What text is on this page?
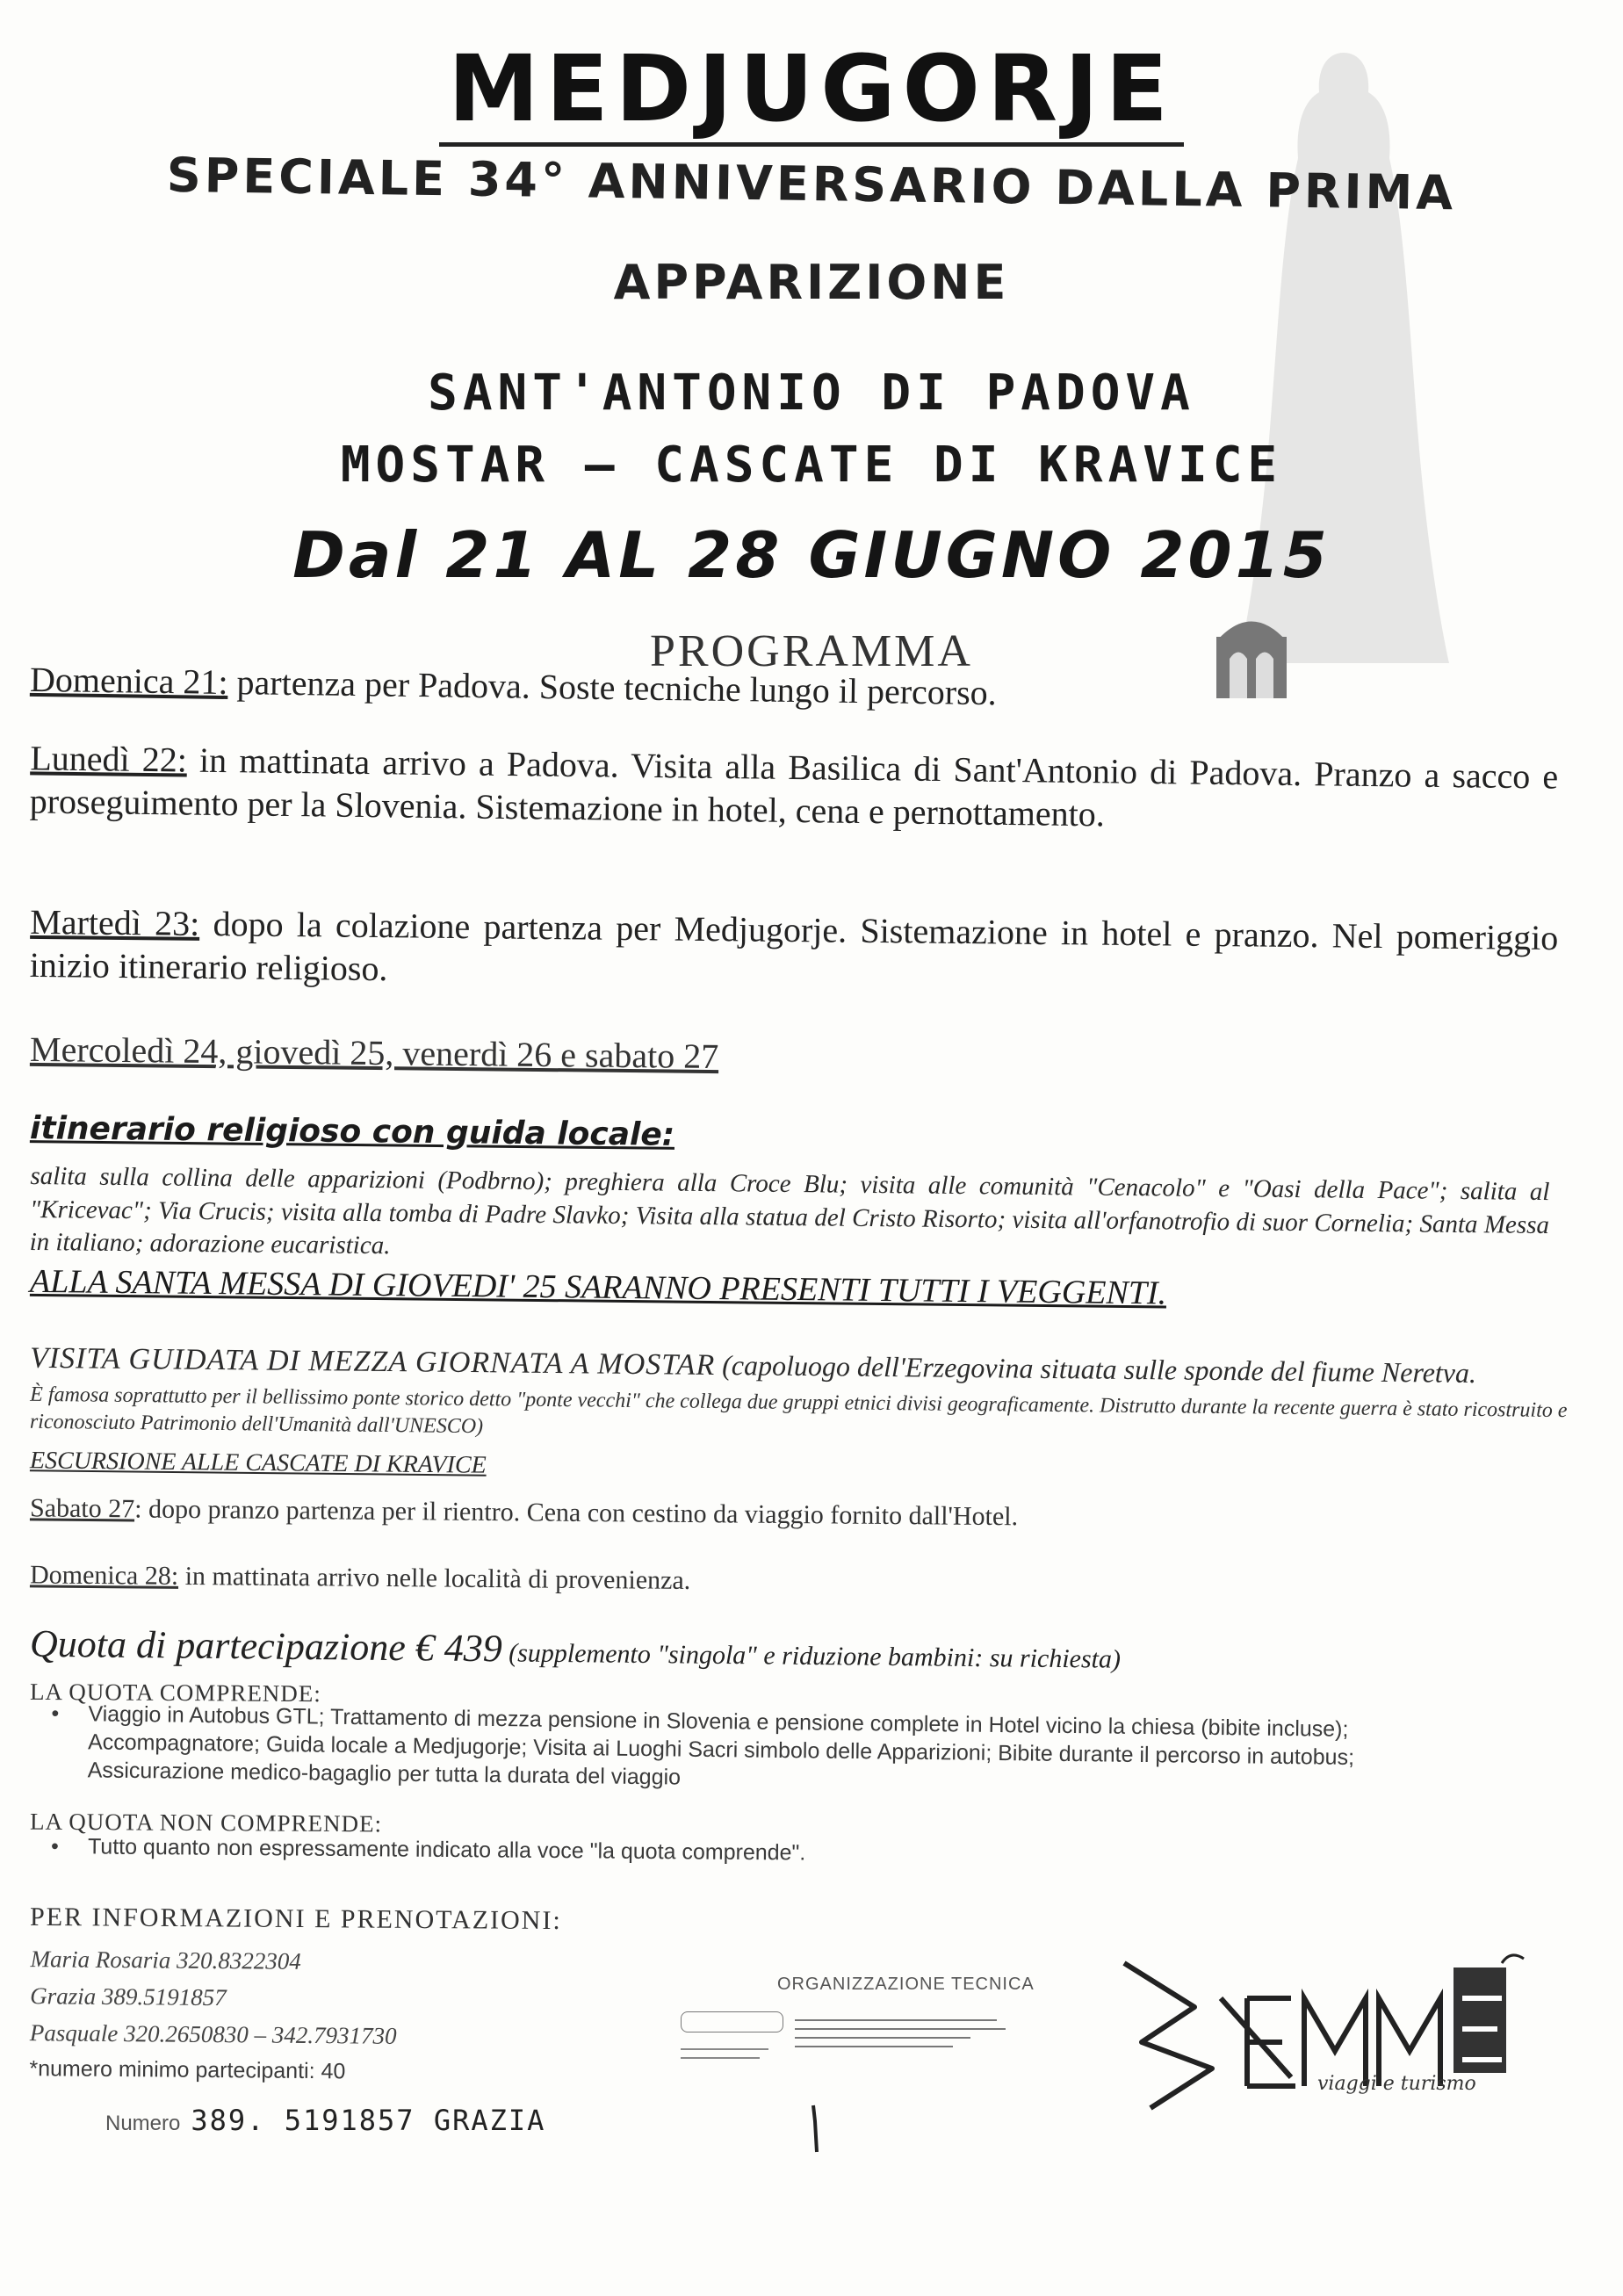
MEDJUGORJE
SPECIALE 34° ANNIVERSARIO DALLA PRIMA
APPARIZIONE
SANT'ANTONIO DI PADOVA
MOSTAR – CASCATE DI KRAVICE
Dal 21 AL 28 GIUGNO 2015
PROGRAMMA
Domenica 21: partenza per Padova. Soste tecniche lungo il percorso.
Lunedì 22: in mattinata arrivo a Padova. Visita alla Basilica di Sant'Antonio di Padova. Pranzo a sacco e proseguimento per la Slovenia. Sistemazione in hotel, cena e pernottamento.
Martedì 23: dopo la colazione partenza per Medjugorje. Sistemazione in hotel e pranzo. Nel pomeriggio inizio itinerario religioso.
Mercoledì 24, giovedì 25, venerdì 26 e sabato 27
itinerario religioso con guida locale:
salita sulla collina delle apparizioni (Podbrno); preghiera alla Croce Blu; visita alle comunità "Cenacolo" e "Oasi della Pace"; salita al "Kricevac"; Via Crucis; visita alla tomba di Padre Slavko; Visita alla statua del Cristo Risorto; visita all'orfanotrofio di suor Cornelia; Santa Messa in italiano; adorazione eucaristica.
ALLA SANTA MESSA DI GIOVEDI' 25 SARANNO PRESENTI TUTTI I VEGGENTI.
VISITA GUIDATA DI MEZZA GIORNATA A MOSTAR (capoluogo dell'Erzegovina situata sulle sponde del fiume Neretva.
È famosa soprattutto per il bellissimo ponte storico detto "ponte vecchi" che collega due gruppi etnici divisi geograficamente. Distrutto durante la recente guerra è stato ricostruito e riconosciuto Patrimonio dell'Umanità dall'UNESCO)
ESCURSIONE ALLE CASCATE DI KRAVICE
Sabato 27: dopo pranzo partenza per il rientro. Cena con cestino da viaggio fornito dall'Hotel.
Domenica 28: in mattinata arrivo nelle località di provenienza.
Quota di partecipazione € 439 (supplemento "singola" e riduzione bambini: su richiesta)
LA QUOTA COMPRENDE:
• Viaggio in Autobus GTL; Trattamento di mezza pensione in Slovenia e pensione complete in Hotel vicino la chiesa (bibite incluse); Accompagnatore; Guida locale a Medjugorje; Visita ai Luoghi Sacri simbolo delle Apparizioni; Bibite durante il percorso in autobus; Assicurazione medico-bagaglio per tutta la durata del viaggio
LA QUOTA NON COMPRENDE:
• Tutto quanto non espressamente indicato alla voce "la quota comprende".
PER INFORMAZIONI E PRENOTAZIONI:
Maria Rosaria 320.8322304
Grazia 389.5191857
Pasquale 320.2650830 – 342.7931730
*numero minimo partecipanti: 40
Numero 389. 5191857 GRAZIA
ORGANIZZAZIONE TECNICA
viaggi e turismo
